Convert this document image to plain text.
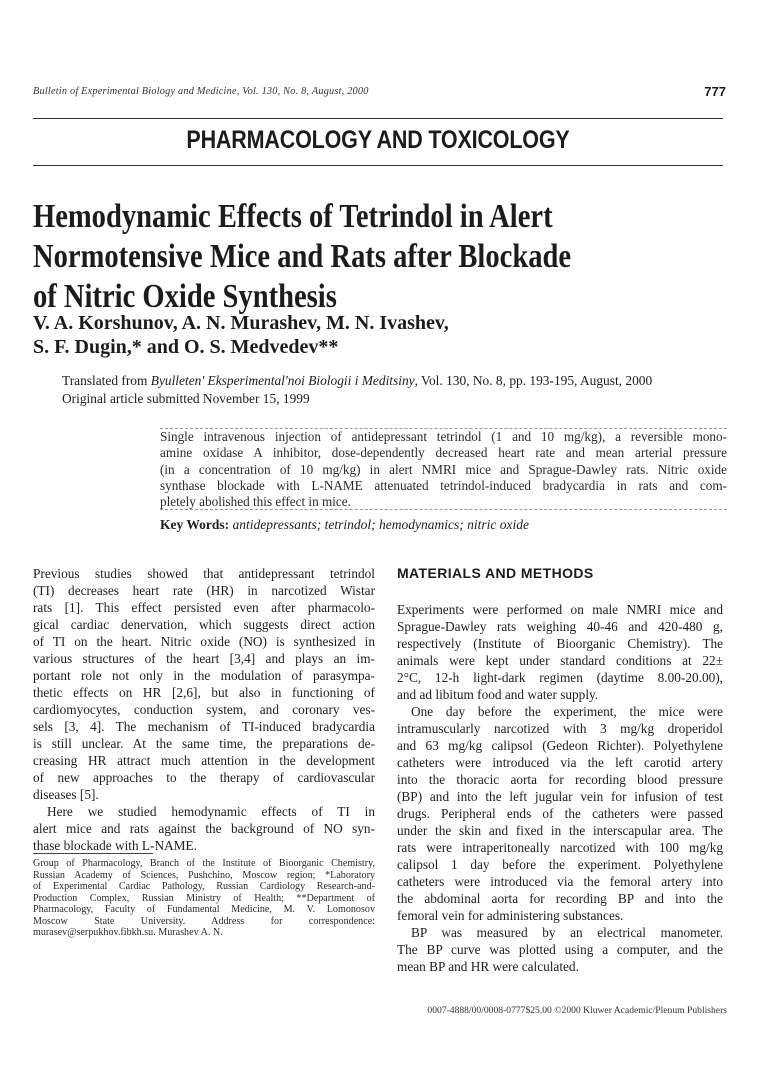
Bulletin of Experimental Biology and Medicine, Vol. 130, No. 8, August, 2000	777
PHARMACOLOGY AND TOXICOLOGY
Hemodynamic Effects of Tetrindol in Alert
Normotensive Mice and Rats after Blockade
of Nitric Oxide Synthesis
V. A. Korshunov, A. N. Murashev, M. N. Ivashev,
S. F. Dugin,* and O. S. Medvedev**
Translated from Byulleten' Eksperimental'noi Biologii i Meditsiny, Vol. 130, No. 8, pp. 193-195, August, 2000
Original article submitted November 15, 1999
Single intravenous injection of antidepressant tetrindol (1 and 10 mg/kg), a reversible mono-
amine oxidase A inhibitor, dose-dependently decreased heart rate and mean arterial pressure
(in a concentration of 10 mg/kg) in alert NMRI mice and Sprague-Dawley rats. Nitric oxide
synthase blockade with L-NAME attenuated tetrindol-induced bradycardia in rats and com-
pletely abolished this effect in mice.
Key Words: antidepressants; tetrindol; hemodynamics; nitric oxide
Previous studies showed that antidepressant tetrindol
(TI) decreases heart rate (HR) in narcotized Wistar
rats [1]. This effect persisted even after pharmacolo-
gical cardiac denervation, which suggests direct action
of TI on the heart. Nitric oxide (NO) is synthesized in
various structures of the heart [3,4] and plays an im-
portant role not only in the modulation of parasympa-
thetic effects on HR [2,6], but also in functioning of
cardiomyocytes, conduction system, and coronary ves-
sels [3, 4]. The mechanism of TI-induced bradycardia
is still unclear. At the same time, the preparations de-
creasing HR attract much attention in the development
of new approaches to the therapy of cardiovascular
diseases [5].
Here we studied hemodynamic effects of TI in
alert mice and rats against the background of NO syn-
thase blockade with L-NAME.
Group of Pharmacology, Branch of the Institute of Bioorganic Chemistry,
Russian Academy of Sciences, Pushchino, Moscow region; *Laboratory
of Experimental Cardiac Pathology, Russian Cardiology Research-and-
Production Complex, Russian Ministry of Health; **Department of
Pharmacology, Faculty of Fundamental Medicine, M. V. Lomonosov
Moscow State University. Address for correspondence:
murasev@serpukhov.fibkh.su. Murashev A. N.
MATERIALS AND METHODS
Experiments were performed on male NMRI mice and
Sprague-Dawley rats weighing 40-46 and 420-480 g,
respectively (Institute of Bioorganic Chemistry). The
animals were kept under standard conditions at 22±
2°C, 12-h light-dark regimen (daytime 8.00-20.00),
and ad libitum food and water supply.
One day before the experiment, the mice were
intramuscularly narcotized with 3 mg/kg droperidol
and 63 mg/kg calipsol (Gedeon Richter). Polyethylene
catheters were introduced via the left carotid artery
into the thoracic aorta for recording blood pressure
(BP) and into the left jugular vein for infusion of test
drugs. Peripheral ends of the catheters were passed
under the skin and fixed in the interscapular area. The
rats were intraperitoneally narcotized with 100 mg/kg
calipsol 1 day before the experiment. Polyethylene
catheters were introduced via the femoral artery into
the abdominal aorta for recording BP and into the
femoral vein for administering substances.
BP was measured by an electrical manometer.
The BP curve was plotted using a computer, and the
mean BP and HR were calculated.
0007-4888/00/0008-0777$25.00 ©2000 Kluwer Academic/Plenum Publishers
